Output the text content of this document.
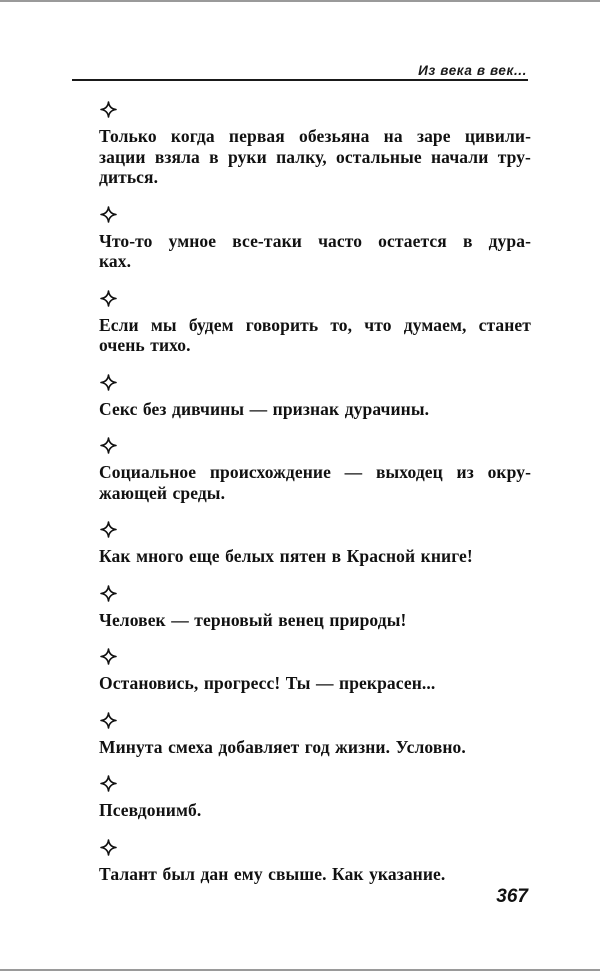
Из века в век...
Только когда первая обезьяна на заре цивили-
зации взяла в руки палку, остальные начали тру-
диться.
Что-то умное все-таки часто остается в дура-
ках.
Если мы будем говорить то, что думаем, станет
очень тихо.
Секс без дивчины — признак дурачины.
Социальное происхождение — выходец из окру-
жающей среды.
Как много еще белых пятен в Красной книге!
Человек — терновый венец природы!
Остановись, прогресс! Ты — прекрасен...
Минута смеха добавляет год жизни. Условно.
Псевдонимб.
Талант был дан ему свыше. Как указание.
367
